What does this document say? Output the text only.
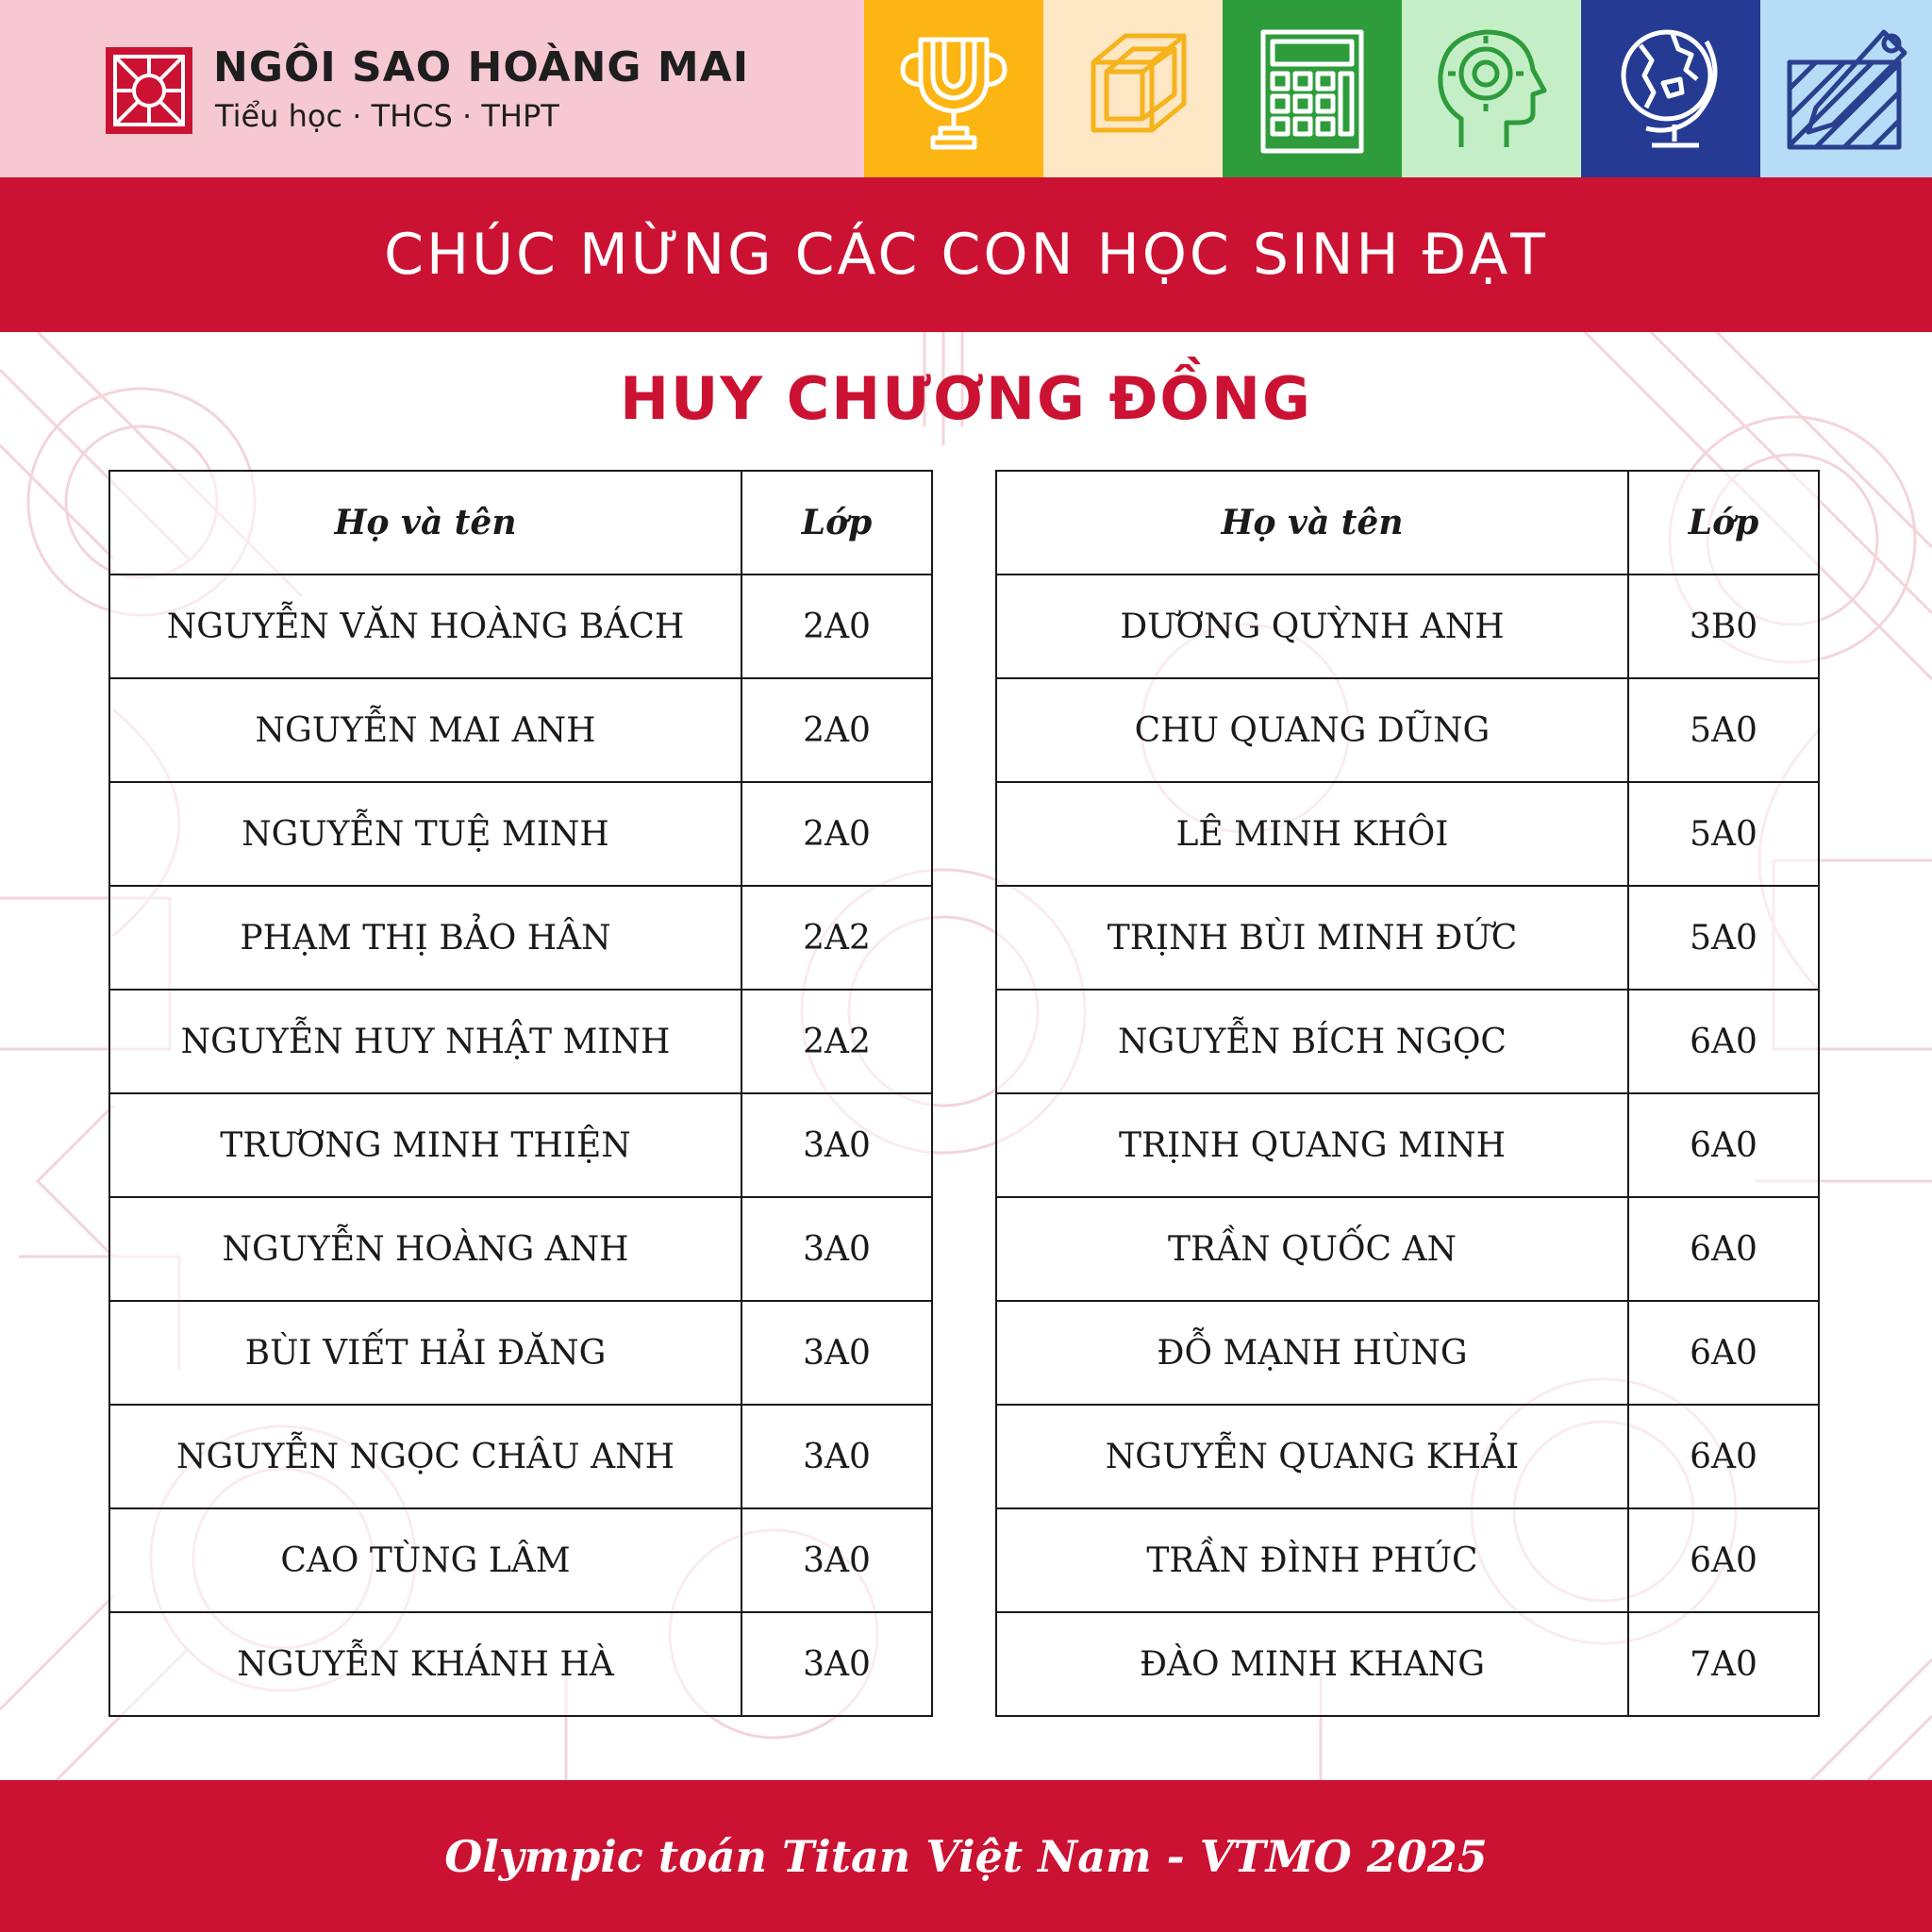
NGÔI SAO HOÀNG MAI
Tiểu học · THCS · THPT
CHÚC MỪNG CÁC CON HỌC SINH ĐẠT
HUY CHƯƠNG ĐỒNG
Họ và tên	Lớp
NGUYỄN VĂN HOÀNG BÁCH	2A0
NGUYỄN MAI ANH	2A0
NGUYỄN TUỆ MINH	2A0
PHẠM THỊ BẢO HÂN	2A2
NGUYỄN HUY NHẬT MINH	2A2
TRƯƠNG MINH THIỆN	3A0
NGUYỄN HOÀNG ANH	3A0
BÙI VIẾT HẢI ĐĂNG	3A0
NGUYỄN NGỌC CHÂU ANH	3A0
CAO TÙNG LÂM	3A0
NGUYỄN KHÁNH HÀ	3A0
Họ và tên	Lớp
DƯƠNG QUỲNH ANH	3B0
CHU QUANG DŨNG	5A0
LÊ MINH KHÔI	5A0
TRỊNH BÙI MINH ĐỨC	5A0
NGUYỄN BÍCH NGỌC	6A0
TRỊNH QUANG MINH	6A0
TRẦN QUỐC AN	6A0
ĐỖ MẠNH HÙNG	6A0
NGUYỄN QUANG KHẢI	6A0
TRẦN ĐÌNH PHÚC	6A0
ĐÀO MINH KHANG	7A0
Olympic toán Titan Việt Nam - VTMO 2025
